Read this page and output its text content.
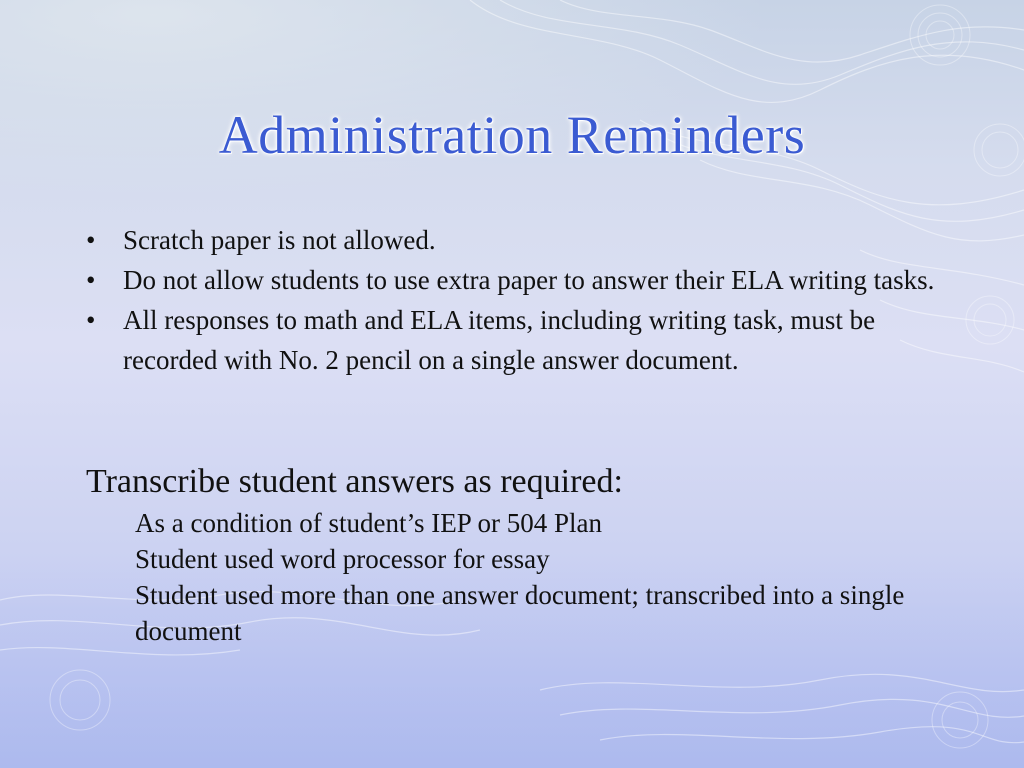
Administration Reminders
•	Scratch paper is not allowed.
•	Do not allow students to use extra paper to answer their ELA writing tasks.
•	All responses to math and ELA items, including writing task, must be recorded with No. 2 pencil on a single answer document.

Transcribe student answers as required:

As a condition of student’s IEP or 504 Plan
Student used word processor for essay
Student used more than one answer document; transcribed into a single document
